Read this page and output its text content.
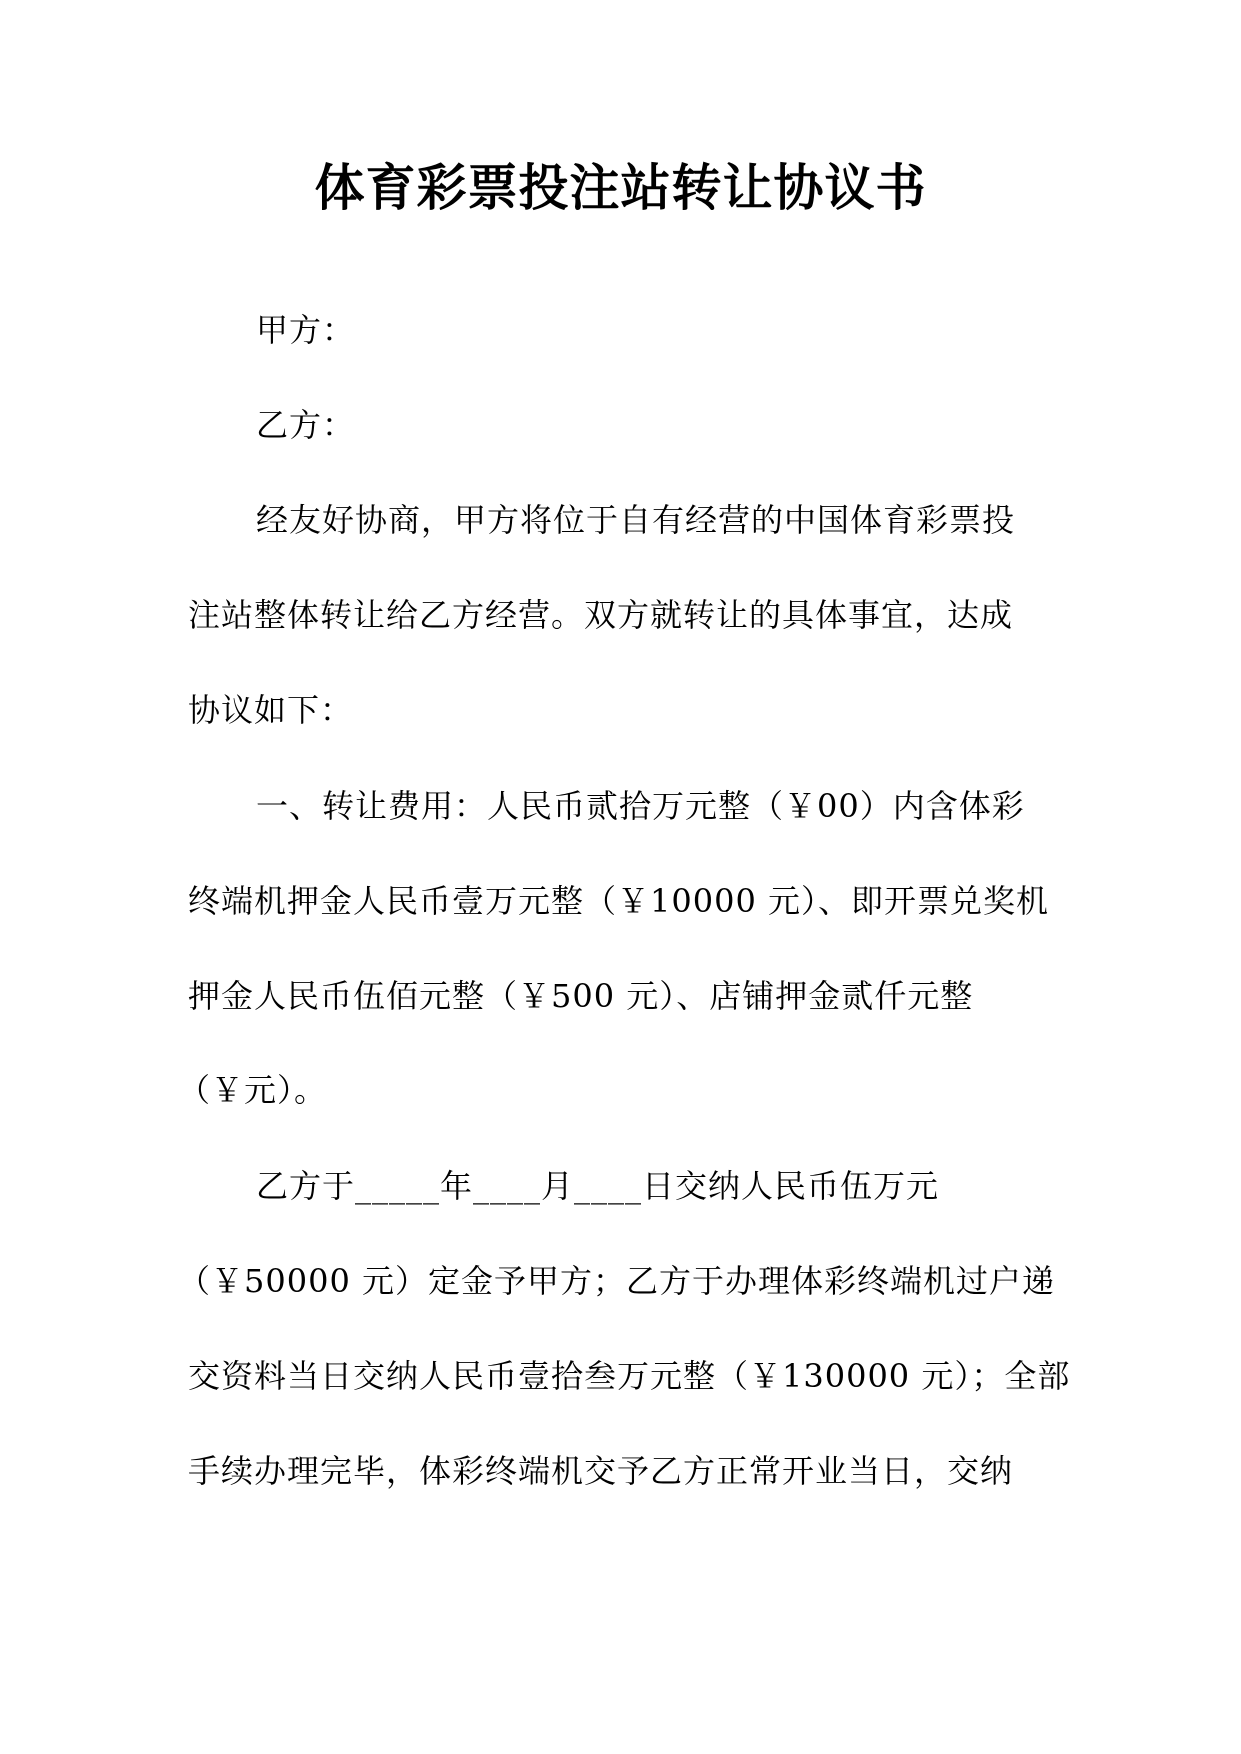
体育彩票投注站转让协议书
甲方：
乙方：
经友好协商，甲方将位于自有经营的中国体育彩票投
注站整体转让给乙方经营。双方就转让的具体事宜，达成
协议如下：
一、转让费用：人民币贰拾万元整（￥00）内含体彩
终端机押金人民币壹万元整（￥10000 元）、即开票兑奖机
押金人民币伍佰元整（￥500 元）、店铺押金贰仟元整
（￥元）。
乙方于_____年____月____日交纳人民币伍万元
（￥50000 元）定金予甲方；乙方于办理体彩终端机过户递
交资料当日交纳人民币壹拾叁万元整（￥130000 元）；全部
手续办理完毕，体彩终端机交予乙方正常开业当日，交纳
